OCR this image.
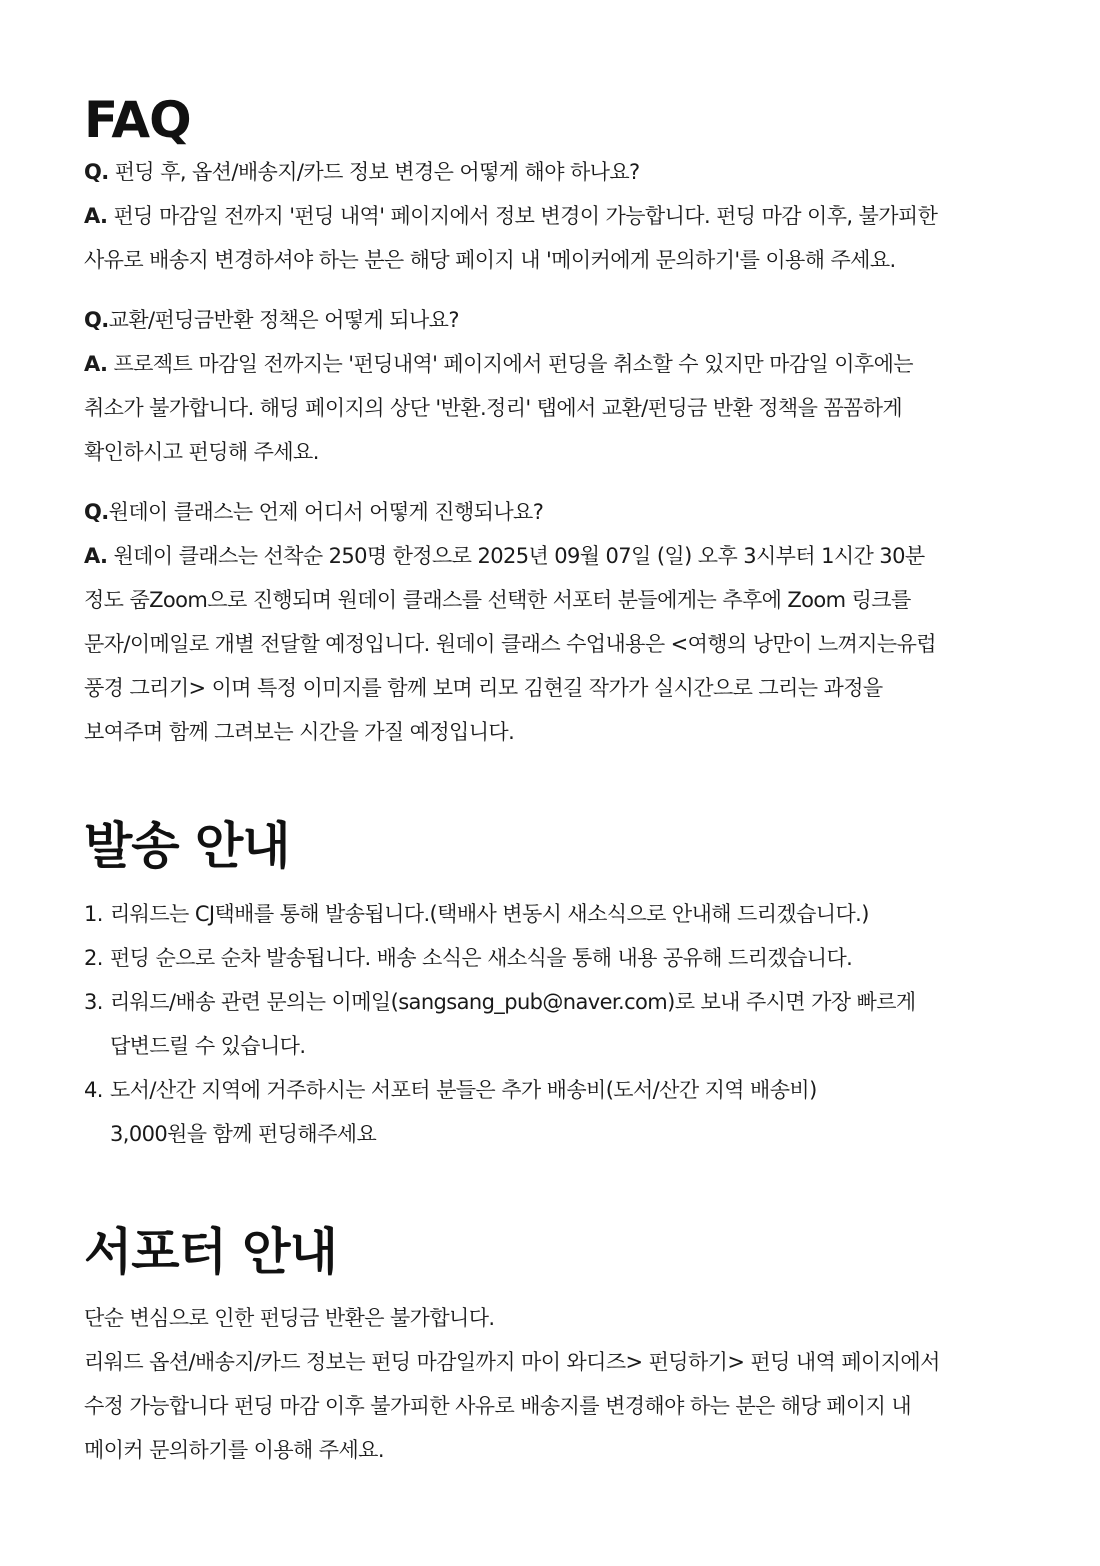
FAQ
Q. 펀딩 후, 옵션/배송지/카드 정보 변경은 어떻게 해야 하나요?
A. 펀딩 마감일 전까지 '펀딩 내역' 페이지에서 정보 변경이 가능합니다. 펀딩 마감 이후, 불가피한
사유로 배송지 변경하셔야 하는 분은 해당 페이지 내 '메이커에게 문의하기'를 이용해 주세요.
Q.교환/펀딩금반환 정책은 어떻게 되나요?
A. 프로젝트 마감일 전까지는 '펀딩내역' 페이지에서 펀딩을 취소할 수 있지만 마감일 이후에는
취소가 불가합니다. 해딩 페이지의 상단 '반환.정리' 탭에서 교환/펀딩금 반환 정책을 꼼꼼하게
확인하시고 펀딩해 주세요.
Q.원데이 클래스는 언제 어디서 어떻게 진행되나요?
A. 원데이 클래스는 선착순 250명 한정으로 2025년 09월 07일 (일) 오후 3시부터 1시간 30분
정도 줌Zoom으로 진행되며 원데이 클래스를 선택한 서포터 분들에게는 추후에 Zoom 링크를
문자/이메일로 개별 전달할 예정입니다. 원데이 클래스 수업내용은 <여행의 낭만이 느껴지는유럽
풍경 그리기> 이며 특정 이미지를 함께 보며 리모 김현길 작가가 실시간으로 그리는 과정을
보여주며 함께 그려보는 시간을 가질 예정입니다.
발송 안내
1. 리워드는 CJ택배를 통해 발송됩니다.(택배사 변동시 새소식으로 안내해 드리겠습니다.)
2. 펀딩 순으로 순차 발송됩니다. 배송 소식은 새소식을 통해 내용 공유해 드리겠습니다.
3. 리워드/배송 관련 문의는 이메일(sangsang_pub@naver.com)로 보내 주시면 가장 빠르게
답변드릴 수 있습니다.
4. 도서/산간 지역에 거주하시는 서포터 분들은 추가 배송비(도서/산간 지역 배송비)
3,000원을 함께 펀딩해주세요
서포터 안내
단순 변심으로 인한 펀딩금 반환은 불가합니다.
리워드 옵션/배송지/카드 정보는 펀딩 마감일까지 마이 와디즈> 펀딩하기> 펀딩 내역 페이지에서
수정 가능합니다 펀딩 마감 이후 불가피한 사유로 배송지를 변경해야 하는 분은 해당 페이지 내
메이커 문의하기를 이용해 주세요.
